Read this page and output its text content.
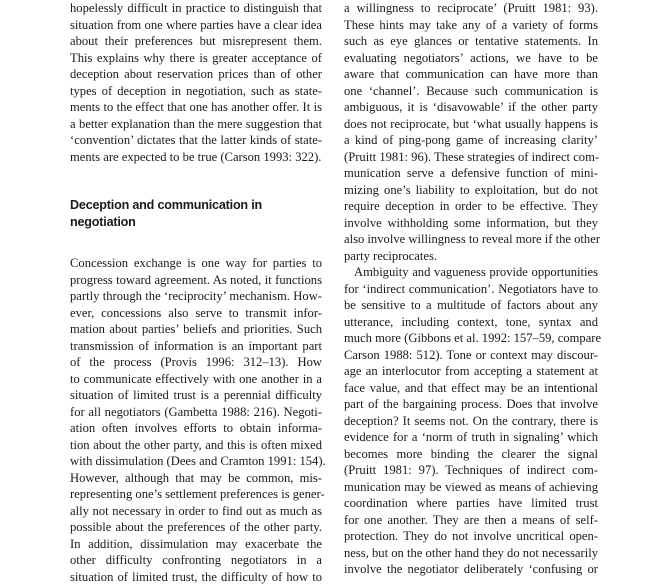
hopelessly difficult in practice to distinguish that
situation from one where parties have a clear idea
about their preferences but misrepresent them.
This explains why there is greater acceptance of
deception about reservation prices than of other
types of deception in negotiation, such as state-
ments to the effect that one has another offer. It is
a better explanation than the mere suggestion that
‘convention’ dictates that the latter kinds of state-
ments are expected to be true (Carson 1993: 322).
Deception and communication in
negotiation
Concession exchange is one way for parties to
progress toward agreement. As noted, it functions
partly through the ‘reciprocity’ mechanism. How-
ever, concessions also serve to transmit infor-
mation about parties’ beliefs and priorities. Such
transmission of information is an important part
of the process (Provis 1996: 312–13). How
to communicate effectively with one another in a
situation of limited trust is a perennial difficulty
for all negotiators (Gambetta 1988: 216). Negoti-
ation often involves efforts to obtain informa-
tion about the other party, and this is often mixed
with dissimulation (Dees and Cramton 1991: 154).
However, although that may be common, mis-
representing one’s settlement preferences is gener-
ally not necessary in order to find out as much as
possible about the preferences of the other party.
In addition, dissimulation may exacerbate the
other difficulty confronting negotiators in a
situation of limited trust, the difficulty of how to
a willingness to reciprocate’ (Pruitt 1981: 93).
These hints may take any of a variety of forms
such as eye glances or tentative statements. In
evaluating negotiators’ actions, we have to be
aware that communication can have more than
one ‘channel’. Because such communication is
ambiguous, it is ‘disavowable’ if the other party
does not reciprocate, but ‘what usually happens is
a kind of ping-pong game of increasing clarity’
(Pruitt 1981: 96). These strategies of indirect com-
munication serve a defensive function of mini-
mizing one’s liability to exploitation, but do not
require deception in order to be effective. They
involve withholding some information, but they
also involve willingness to reveal more if the other
party reciprocates.
Ambiguity and vagueness provide opportunities
for ‘indirect communication’. Negotiators have to
be sensitive to a multitude of factors about any
utterance, including context, tone, syntax and
much more (Gibbons et al. 1992: 157–59, compare
Carson 1988: 512). Tone or context may discour-
age an interlocutor from accepting a statement at
face value, and that effect may be an intentional
part of the bargaining process. Does that involve
deception? It seems not. On the contrary, there is
evidence for a ‘norm of truth in signaling’ which
becomes more binding the clearer the signal
(Pruitt 1981: 97). Techniques of indirect com-
munication may be viewed as means of achieving
coordination where parties have limited trust
for one another. They are then a means of self-
protection. They do not involve uncritical open-
ness, but on the other hand they do not necessarily
involve the negotiator deliberately ‘confusing or
